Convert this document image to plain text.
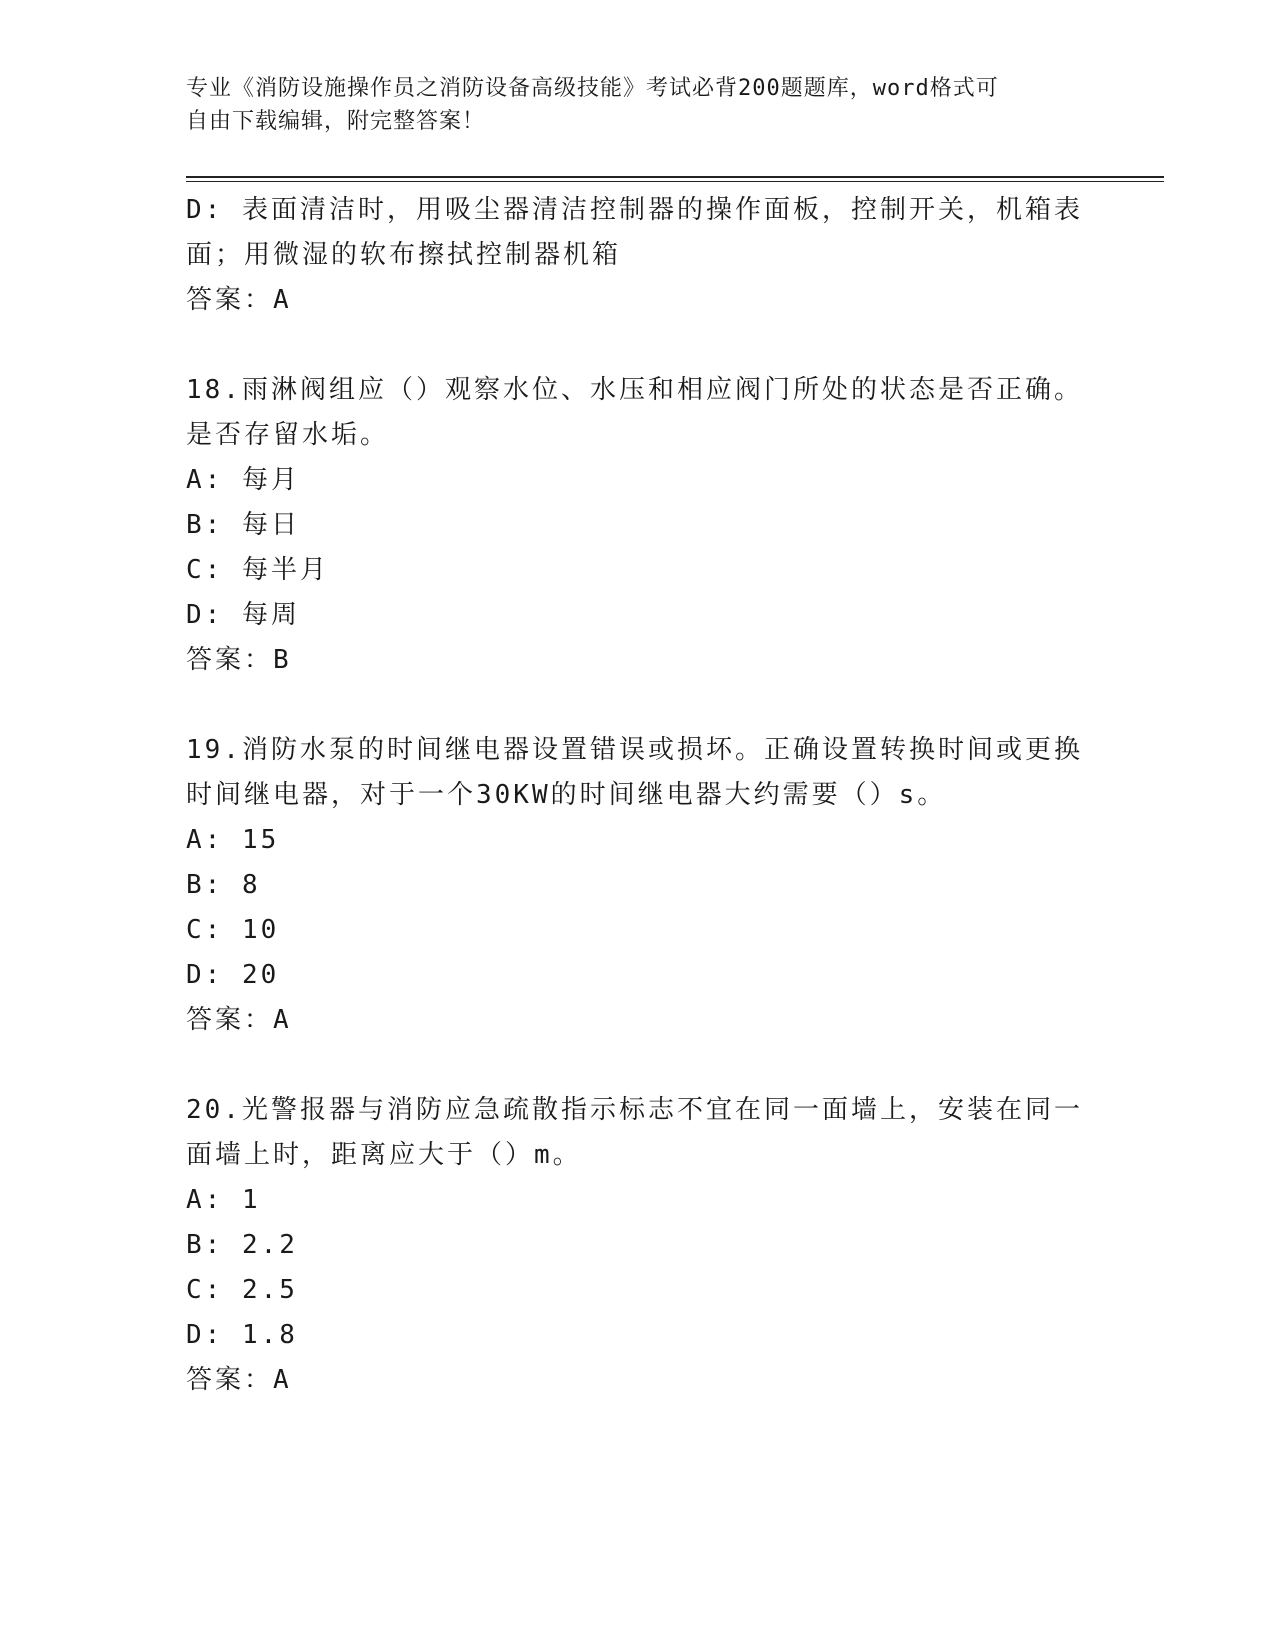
专业《消防设施操作员之消防设备高级技能》考试必背200题题库，word格式可
自由下载编辑，附完整答案！
D: 表面清洁时，用吸尘器清洁控制器的操作面板，控制开关，机箱表
面；用微湿的软布擦拭控制器机箱
答案：A
18.雨淋阀组应（）观察水位、水压和相应阀门所处的状态是否正确。
是否存留水垢。
A: 每月
B: 每日
C: 每半月
D: 每周
答案：B
19.消防水泵的时间继电器设置错误或损坏。正确设置转换时间或更换
时间继电器，对于一个30KW的时间继电器大约需要（）s。
A: 15
B: 8
C: 10
D: 20
答案：A
20.光警报器与消防应急疏散指示标志不宜在同一面墙上，安装在同一
面墙上时，距离应大于（）m。
A: 1
B: 2.2
C: 2.5
D: 1.8
答案：A
